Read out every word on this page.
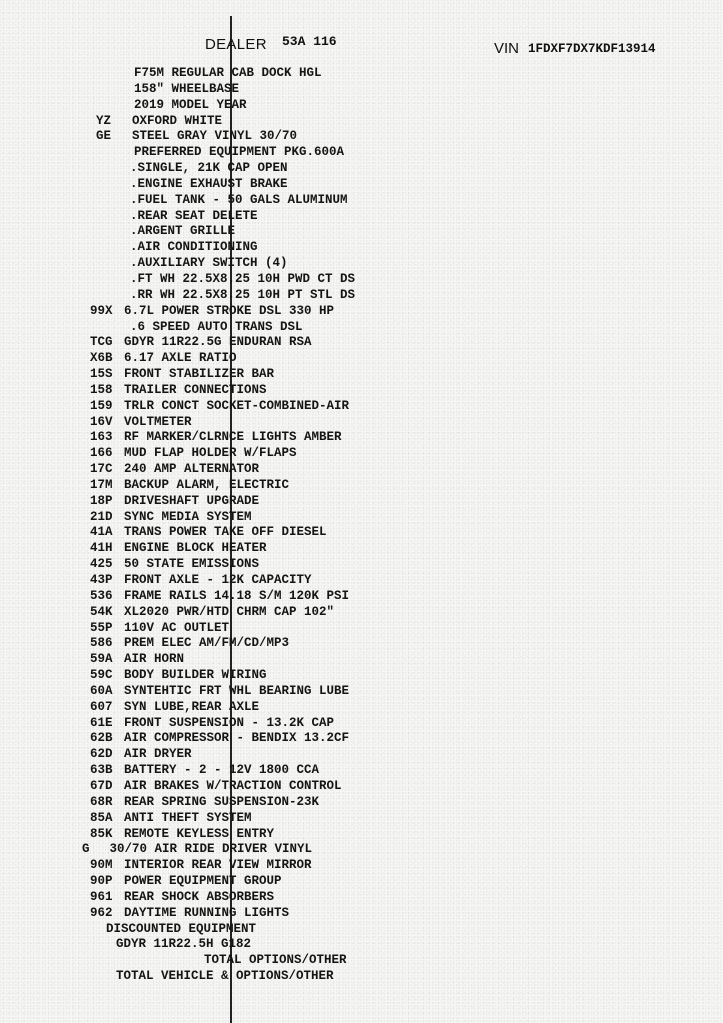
DEALER 53A 116	VIN 1FDXF7DX7KDF13914
F75M REGULAR CAB DOCK HGL
158" WHEELBASE
2019 MODEL YEAR
YZ OXFORD WHITE
GE STEEL GRAY VINYL 30/70
PREFERRED EQUIPMENT PKG.600A
.SINGLE, 21K CAP OPEN
.ENGINE EXHAUST BRAKE
.FUEL TANK - 50 GALS ALUMINUM
.REAR SEAT DELETE
.ARGENT GRILLE
.AIR CONDITIONING
.AUXILIARY SWITCH (4)
.FT WH 22.5X8.25 10H PWD CT DS
.RR WH 22.5X8.25 10H PT STL DS
99X 6.7L POWER STROKE DSL 330 HP
.6 SPEED AUTO TRANS DSL
TCG GDYR 11R22.5G ENDURAN RSA
X6B 6.17 AXLE RATIO
15S FRONT STABILIZER BAR
158 TRAILER CONNECTIONS
159 TRLR CONCT SOCKET-COMBINED-AIR
16V VOLTMETER
163 RF MARKER/CLRNCE LIGHTS AMBER
166 MUD FLAP HOLDER W/FLAPS
17C 240 AMP ALTERNATOR
17M BACKUP ALARM, ELECTRIC
18P DRIVESHAFT UPGRADE
21D SYNC MEDIA SYSTEM
41A TRANS POWER TAKE OFF DIESEL
41H ENGINE BLOCK HEATER
425 50 STATE EMISSIONS
43P FRONT AXLE - 12K CAPACITY
536 FRAME RAILS 14.18 S/M 120K PSI
54K XL2020 PWR/HTD CHRM CAP 102"
55P 110V AC OUTLET
586 PREM ELEC AM/FM/CD/MP3
59A AIR HORN
59C BODY BUILDER WIRING
60A SYNTEHTIC FRT WHL BEARING LUBE
607 SYN LUBE,REAR AXLE
61E FRONT SUSPENSION - 13.2K CAP
62B AIR COMPRESSOR - BENDIX 13.2CF
62D AIR DRYER
63B BATTERY - 2 - 12V 1800 CCA
67D AIR BRAKES W/TRACTION CONTROL
68R REAR SPRING SUSPENSION-23K
85A ANTI THEFT SYSTEM
85K REMOTE KEYLESS ENTRY
G 30/70 AIR RIDE DRIVER VINYL
90M INTERIOR REAR VIEW MIRROR
90P POWER EQUIPMENT GROUP
961 REAR SHOCK ABSORBERS
962 DAYTIME RUNNING LIGHTS
DISCOUNTED EQUIPMENT
GDYR 11R22.5H G182
TOTAL OPTIONS/OTHER
TOTAL VEHICLE & OPTIONS/OTHER
